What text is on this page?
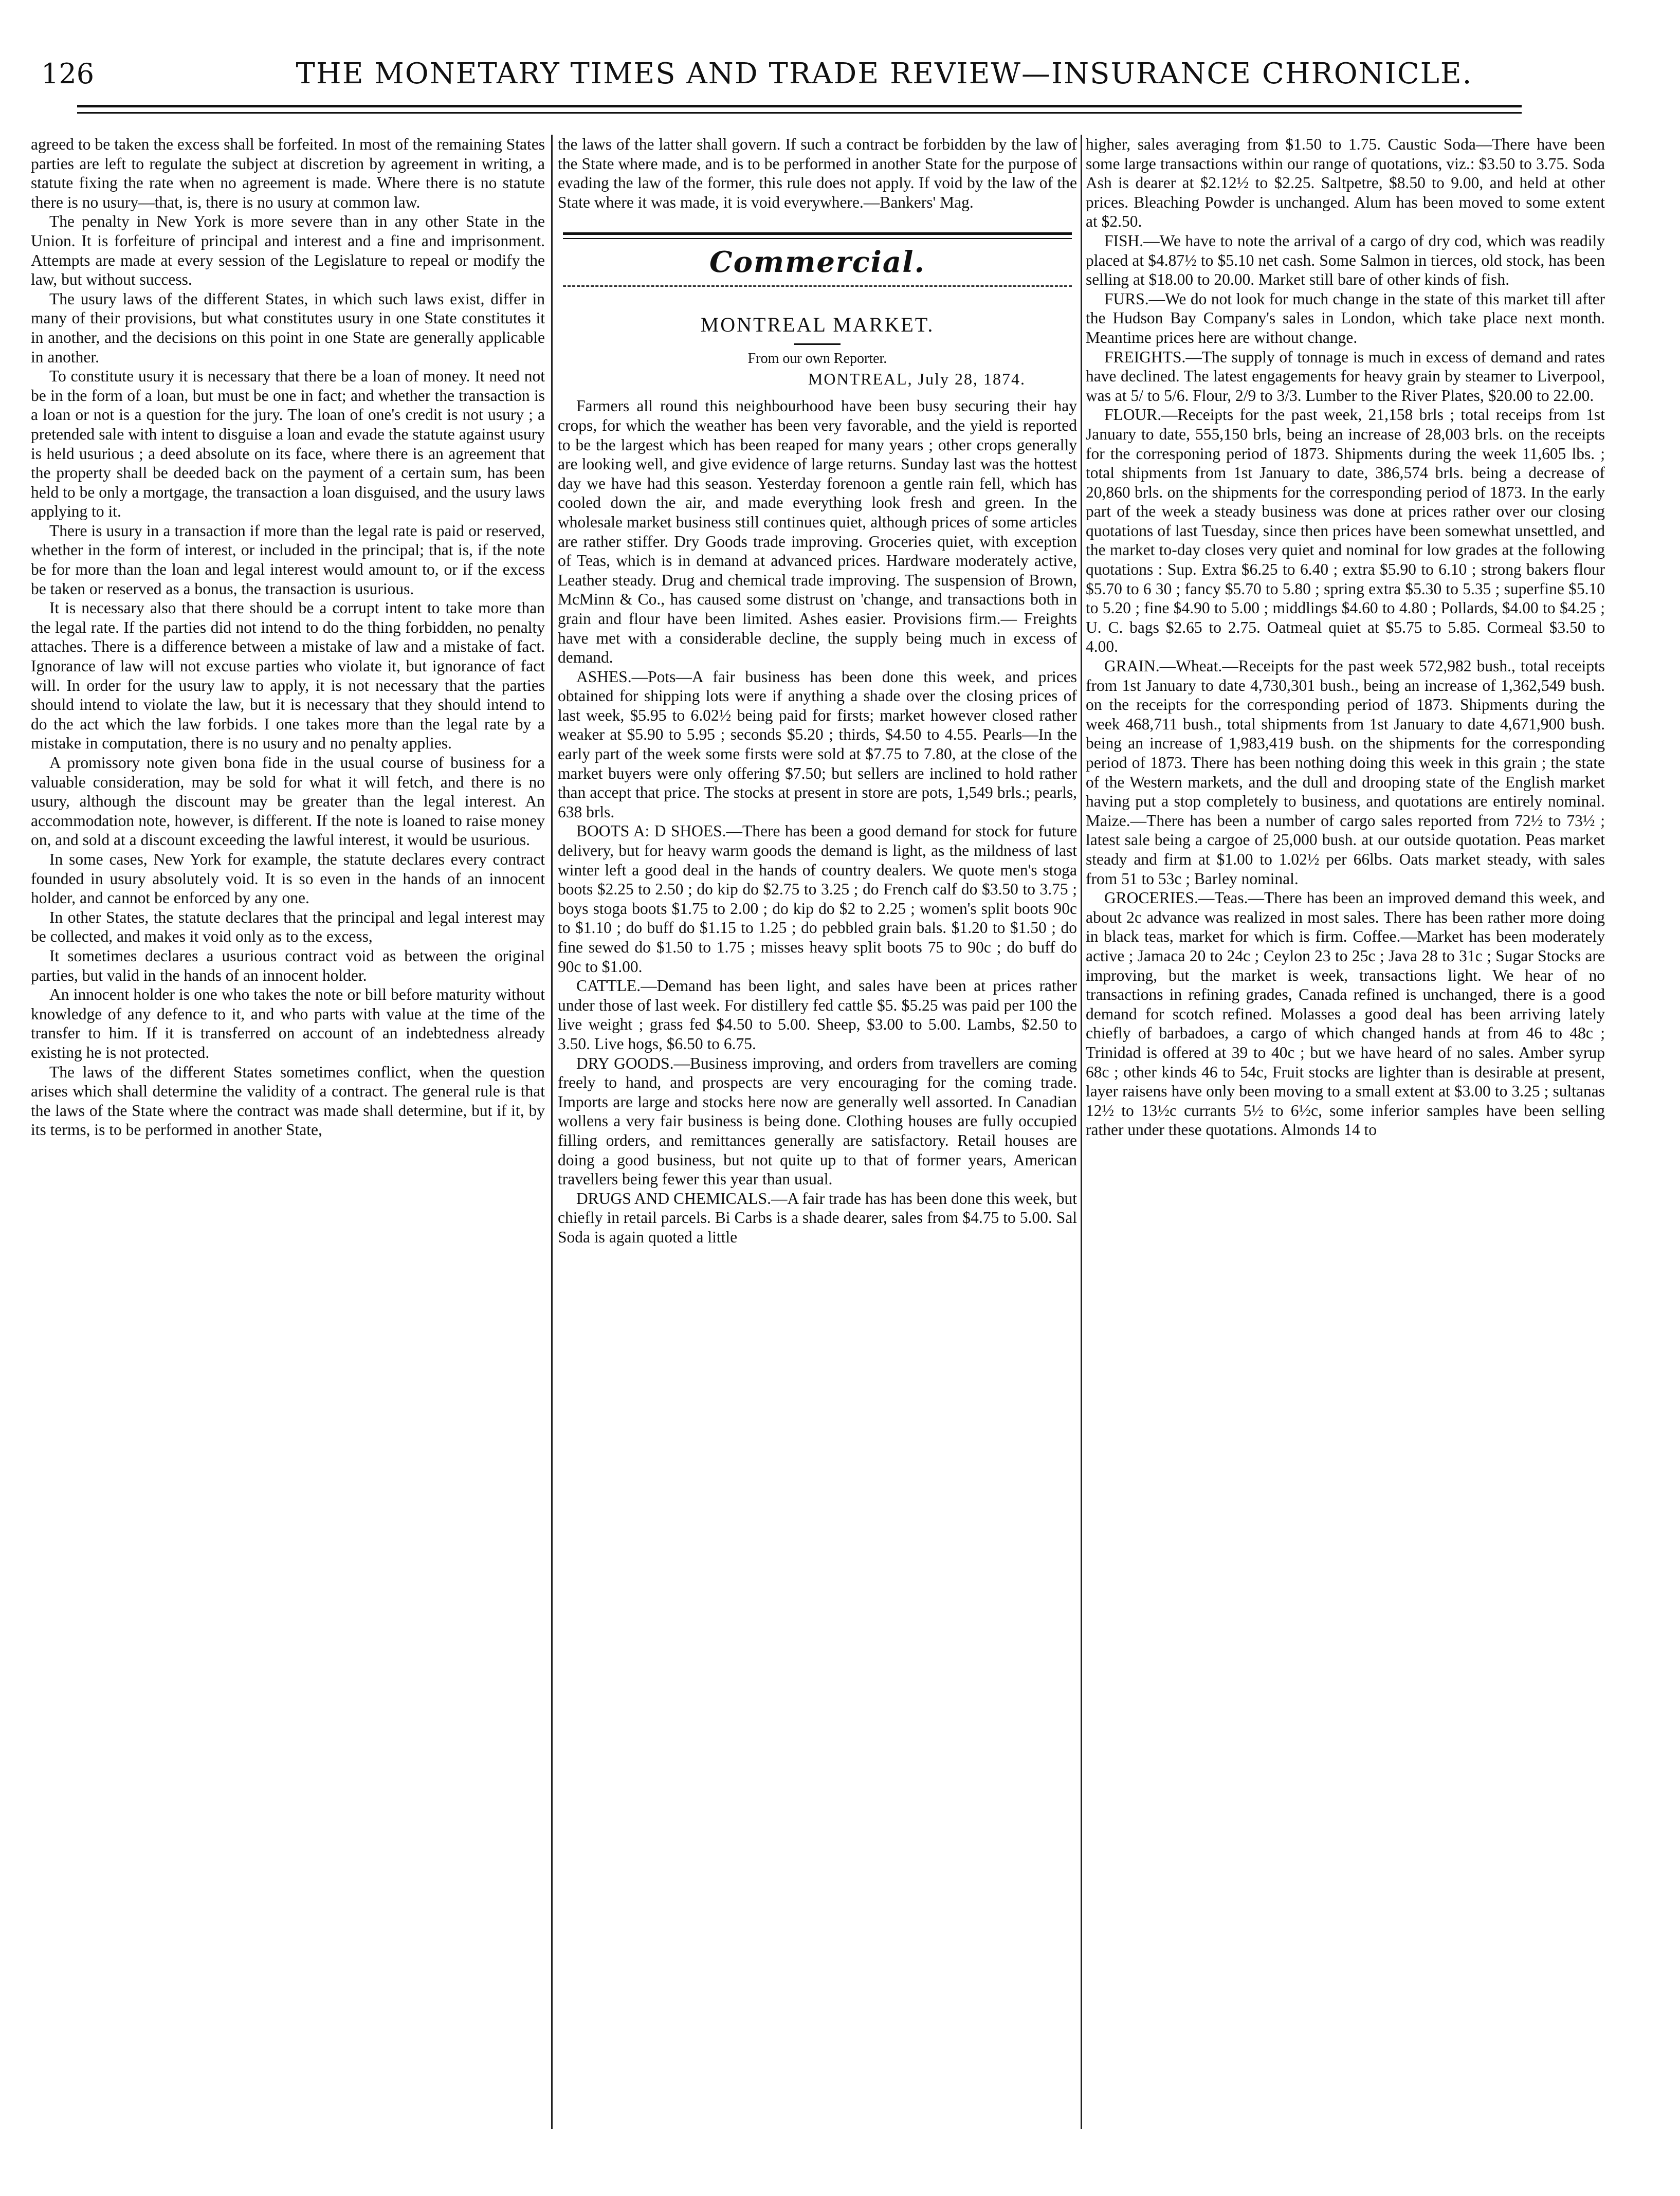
126	THE MONETARY TIMES AND TRADE REVIEW—INSURANCE CHRONICLE.

agreed to be taken the excess shall be forfeited. In most of the remaining States parties are left to regulate the subject at discretion by agreement in writing, a statute fixing the rate when no agreement is made. Where there is no statute there is no usury—that, is, there is no usury at common law.

The penalty in New York is more severe than in any other State in the Union. It is forfeiture of principal and interest and a fine and imprisonment. Attempts are made at every session of the Legislature to repeal or modify the law, but without success.

The usury laws of the different States, in which such laws exist, differ in many of their provisions, but what constitutes usury in one State constitutes it in another, and the decisions on this point in one State are generally applicable in another.

To constitute usury it is necessary that there be a loan of money. It need not be in the form of a loan, but must be one in fact; and whether the transaction is a loan or not is a question for the jury. The loan of one's credit is not usury ; a pretended sale with intent to disguise a loan and evade the statute against usury is held usurious ; a deed absolute on its face, where there is an agreement that the property shall be deeded back on the payment of a certain sum, has been held to be only a mortgage, the transaction a loan disguised, and the usury laws applying to it.

There is usury in a transaction if more than the legal rate is paid or reserved, whether in the form of interest, or included in the principal; that is, if the note be for more than the loan and legal interest would amount to, or if the excess be taken or reserved as a bonus, the transaction is usurious.

It is necessary also that there should be a corrupt intent to take more than the legal rate. If the parties did not intend to do the thing forbidden, no penalty attaches. There is a difference between a mistake of law and a mistake of fact. Ignorance of law will not excuse parties who violate it, but ignorance of fact will. In order for the usury law to apply, it is not necessary that the parties should intend to violate the law, but it is necessary that they should intend to do the act which the law forbids. I one takes more than the legal rate by a mistake in computation, there is no usury and no penalty applies.

A promissory note given bona fide in the usual course of business for a valuable consideration, may be sold for what it will fetch, and there is no usury, although the discount may be greater than the legal interest. An accommodation note, however, is different. If the note is loaned to raise money on, and sold at a discount exceeding the lawful interest, it would be usurious.

In some cases, New York for example, the statute declares every contract founded in usury absolutely void. It is so even in the hands of an innocent holder, and cannot be enforced by any one.

In other States, the statute declares that the principal and legal interest may be collected, and makes it void only as to the excess,

It sometimes declares a usurious contract void as between the original parties, but valid in the hands of an innocent holder.

An innocent holder is one who takes the note or bill before maturity without knowledge of any defence to it, and who parts with value at the time of the transfer to him. If it is transferred on account of an indebtedness already existing he is not protected.

The laws of the different States sometimes conflict, when the question arises which shall determine the validity of a contract. The general rule is that the laws of the State where the contract was made shall determine, but if it, by its terms, is to be performed in another State,

the laws of the latter shall govern. If such a contract be forbidden by the law of the State where made, and is to be performed in another State for the purpose of evading the law of the former, this rule does not apply. If void by the law of the State where it was made, it is void everywhere.—Bankers' Mag.

Commercial.
MONTREAL MARKET.
From our own Reporter.
MONTREAL, July 28, 1874.

Farmers all round this neighbourhood have been busy securing their hay crops, for which the weather has been very favorable, and the yield is reported to be the largest which has been reaped for many years ; other crops generally are looking well, and give evidence of large returns. Sunday last was the hottest day we have had this season. Yesterday forenoon a gentle rain fell, which has cooled down the air, and made everything look fresh and green. In the wholesale market business still continues quiet, although prices of some articles are rather stiffer. Dry Goods trade improving. Groceries quiet, with exception of Teas, which is in demand at advanced prices. Hardware moderately active, Leather steady. Drug and chemical trade improving. The suspension of Brown, McMinn & Co., has caused some distrust on 'change, and transactions both in grain and flour have been limited. Ashes easier. Provisions firm.— Freights have met with a considerable decline, the supply being much in excess of demand.

ASHES.—Pots—A fair business has been done this week, and prices obtained for shipping lots were if anything a shade over the closing prices of last week, $5.95 to 6.02½ being paid for firsts; market however closed rather weaker at $5.90 to 5.95 ; seconds $5.20 ; thirds, $4.50 to 4.55. Pearls—In the early part of the week some firsts were sold at $7.75 to 7.80, at the close of the market buyers were only offering $7.50; but sellers are inclined to hold rather than accept that price. The stocks at present in store are pots, 1,549 brls.; pearls, 638 brls.

BOOTS A: D SHOES.—There has been a good demand for stock for future delivery, but for heavy warm goods the demand is light, as the mildness of last winter left a good deal in the hands of country dealers. We quote men's stoga boots $2.25 to 2.50 ; do kip do $2.75 to 3.25 ; do French calf do $3.50 to 3.75 ; boys stoga boots $1.75 to 2.00 ; do kip do $2 to 2.25 ; women's split boots 90c to $1.10 ; do buff do $1.15 to 1.25 ; do pebbled grain bals. $1.20 to $1.50 ; do fine sewed do $1.50 to 1.75 ; misses heavy split boots 75 to 90c ; do buff do 90c to $1.00.

CATTLE.—Demand has been light, and sales have been at prices rather under those of last week. For distillery fed cattle $5. $5.25 was paid per 100 the live weight ; grass fed $4.50 to 5.00. Sheep, $3.00 to 5.00. Lambs, $2.50 to 3.50. Live hogs, $6.50 to 6.75.

DRY GOODS.—Business improving, and orders from travellers are coming freely to hand, and prospects are very encouraging for the coming trade. Imports are large and stocks here now are generally well assorted. In Canadian wollens a very fair business is being done. Clothing houses are fully occupied filling orders, and remittances generally are satisfactory. Retail houses are doing a good business, but not quite up to that of former years, American travellers being fewer this year than usual.

DRUGS AND CHEMICALS.—A fair trade has has been done this week, but chiefly in retail parcels. Bi Carbs is a shade dearer, sales from $4.75 to 5.00. Sal Soda is again quoted a little

higher, sales averaging from $1.50 to 1.75. Caustic Soda—There have been some large transactions within our range of quotations, viz.: $3.50 to 3.75. Soda Ash is dearer at $2.12½ to $2.25. Saltpetre, $8.50 to 9.00, and held at other prices. Bleaching Powder is unchanged. Alum has been moved to some extent at $2.50.

FISH.—We have to note the arrival of a cargo of dry cod, which was readily placed at $4.87½ to $5.10 net cash. Some Salmon in tierces, old stock, has been selling at $18.00 to 20.00. Market still bare of other kinds of fish.

FURS.—We do not look for much change in the state of this market till after the Hudson Bay Company's sales in London, which take place next month. Meantime prices here are without change.

FREIGHTS.—The supply of tonnage is much in excess of demand and rates have declined. The latest engagements for heavy grain by steamer to Liverpool, was at 5/ to 5/6. Flour, 2/9 to 3/3. Lumber to the River Plates, $20.00 to 22.00.

FLOUR.—Receipts for the past week, 21,158 brls ; total receips from 1st January to date, 555,150 brls, being an increase of 28,003 brls. on the receipts for the corresponing period of 1873. Shipments during the week 11,605 lbs. ; total shipments from 1st January to date, 386,574 brls. being a decrease of 20,860 brls. on the shipments for the corresponding period of 1873. In the early part of the week a steady business was done at prices rather over our closing quotations of last Tuesday, since then prices have been somewhat unsettled, and the market to-day closes very quiet and nominal for low grades at the following quotations : Sup. Extra $6.25 to 6.40 ; extra $5.90 to 6.10 ; strong bakers flour $5.70 to 6 30 ; fancy $5.70 to 5.80 ; spring extra $5.30 to 5.35 ; superfine $5.10 to 5.20 ; fine $4.90 to 5.00 ; middlings $4.60 to 4.80 ; Pollards, $4.00 to $4.25 ; U. C. bags $2.65 to 2.75. Oatmeal quiet at $5.75 to 5.85. Cormeal $3.50 to 4.00.

GRAIN.—Wheat.—Receipts for the past week 572,982 bush., total receipts from 1st January to date 4,730,301 bush., being an increase of 1,362,549 bush. on the receipts for the corresponding period of 1873. Shipments during the week 468,711 bush., total shipments from 1st January to date 4,671,900 bush. being an increase of 1,983,419 bush. on the shipments for the corresponding period of 1873. There has been nothing doing this week in this grain ; the state of the Western markets, and the dull and drooping state of the English market having put a stop completely to business, and quotations are entirely nominal. Maize.—There has been a number of cargo sales reported from 72½ to 73½ ; latest sale being a cargoe of 25,000 bush. at our outside quotation. Peas market steady and firm at $1.00 to 1.02½ per 66lbs. Oats market steady, with sales from 51 to 53c ; Barley nominal.

GROCERIES.—Teas.—There has been an improved demand this week, and about 2c advance was realized in most sales. There has been rather more doing in black teas, market for which is firm. Coffee.—Market has been moderately active ; Jamaca 20 to 24c ; Ceylon 23 to 25c ; Java 28 to 31c ; Sugar Stocks are improving, but the market is week, transactions light. We hear of no transactions in refining grades, Canada refined is unchanged, there is a good demand for scotch refined. Molasses a good deal has been arriving lately chiefly of barbadoes, a cargo of which changed hands at from 46 to 48c ; Trinidad is offered at 39 to 40c ; but we have heard of no sales. Amber syrup 68c ; other kinds 46 to 54c, Fruit stocks are lighter than is desirable at present, layer raisens have only been moving to a small extent at $3.00 to 3.25 ; sultanas 12½ to 13½c currants 5½ to 6½c, some inferior samples have been selling rather under these quotations. Almonds 14 to
